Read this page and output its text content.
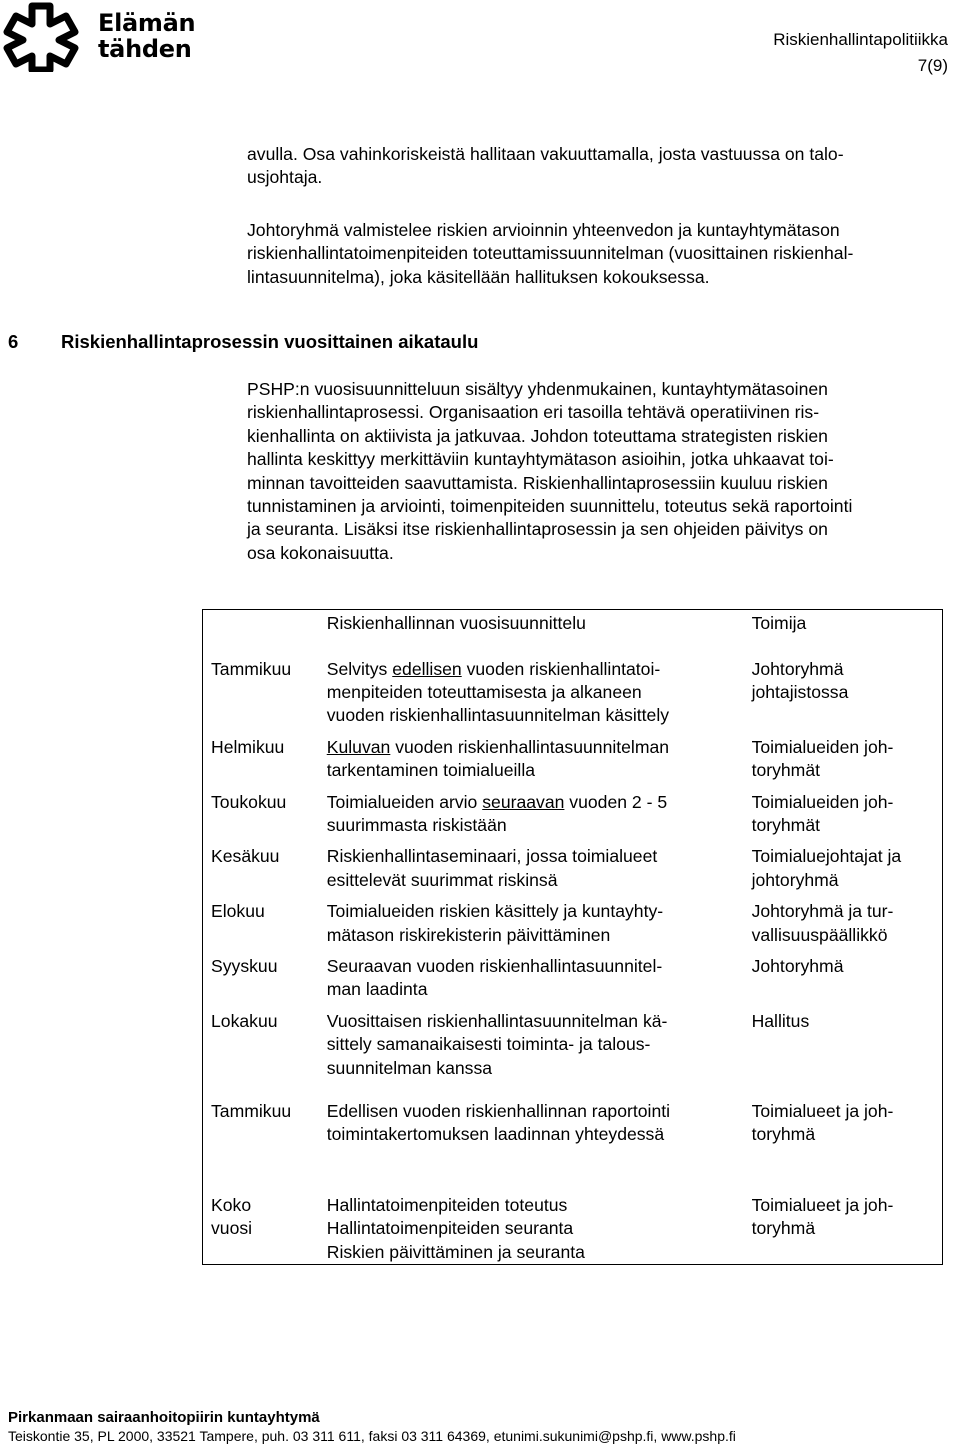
Elämän
tähden	Riskienhallintapolitiikka
7(9)
avulla. Osa vahinkoriskeistä hallitaan vakuuttamalla, josta vastuussa on talo-
usjohtaja.
Johtoryhmä valmistelee riskien arvioinnin yhteenvedon ja kuntayhtymätason
riskienhallintatoimenpiteiden toteuttamissuunnitelman (vuosittainen riskienhal-
lintasuunnitelma), joka käsitellään hallituksen kokouksessa.
6 Riskienhallintaprosessin vuosittainen aikataulu
PSHP:n vuosisuunnitteluun sisältyy yhdenmukainen, kuntayhtymätasoinen
riskienhallintaprosessi. Organisaation eri tasoilla tehtävä operatiivinen ris-
kienhallinta on aktiivista ja jatkuvaa. Johdon toteuttama strategisten riskien
hallinta keskittyy merkittäviin kuntayhtymätason asioihin, jotka uhkaavat toi-
minnan tavoitteiden saavuttamista. Riskienhallintaprosessiin kuuluu riskien
tunnistaminen ja arviointi, toimenpiteiden suunnittelu, toteutus sekä raportointi
ja seuranta. Lisäksi itse riskienhallintaprosessin ja sen ohjeiden päivitys on
osa kokonaisuutta.

	Riskienhallinnan vuosisuunnittelu	Toimija

Tammikuu	Selvitys edellisen vuoden riskienhallintatoi-
menpiteiden toteuttamisesta ja alkaneen
vuoden riskienhallintasuunnitelman käsittely	Johtoryhmä
johtajistossa

Helmikuu	Kuluvan vuoden riskienhallintasuunnitelman
tarkentaminen toimialueilla	Toimialueiden joh-
toryhmät

Toukokuu	Toimialueiden arvio seuraavan vuoden 2 - 5
suurimmasta riskistään	Toimialueiden joh-
toryhmät

Kesäkuu	Riskienhallintaseminaari, jossa toimialueet
esittelevät suurimmat riskinsä	Toimialuejohtajat ja
johtoryhmä

Elokuu	Toimialueiden riskien käsittely ja kuntayhty-
mätason riskirekisterin päivittäminen	Johtoryhmä ja tur-
vallisuuspäällikkö

Syyskuu	Seuraavan vuoden riskienhallintasuunnitel-
man laadinta	Johtoryhmä

Lokakuu	Vuosittaisen riskienhallintasuunnitelman kä-
sittely samanaikaisesti toiminta- ja talous-
suunnitelman kanssa	Hallitus

Tammikuu	Edellisen vuoden riskienhallinnan raportointi
toimintakertomuksen laadinnan yhteydessä	Toimialueet ja joh-
toryhmä

Koko
vuosi	Hallintatoimenpiteiden toteutus
Hallintatoimenpiteiden seuranta
Riskien päivittäminen ja seuranta	Toimialueet ja joh-
toryhmä
Pirkanmaan sairaanhoitopiirin kuntayhtymä
Teiskontie 35, PL 2000, 33521 Tampere, puh. 03 311 611, faksi 03 311 64369, etunimi.sukunimi@pshp.fi, www.pshp.fi
